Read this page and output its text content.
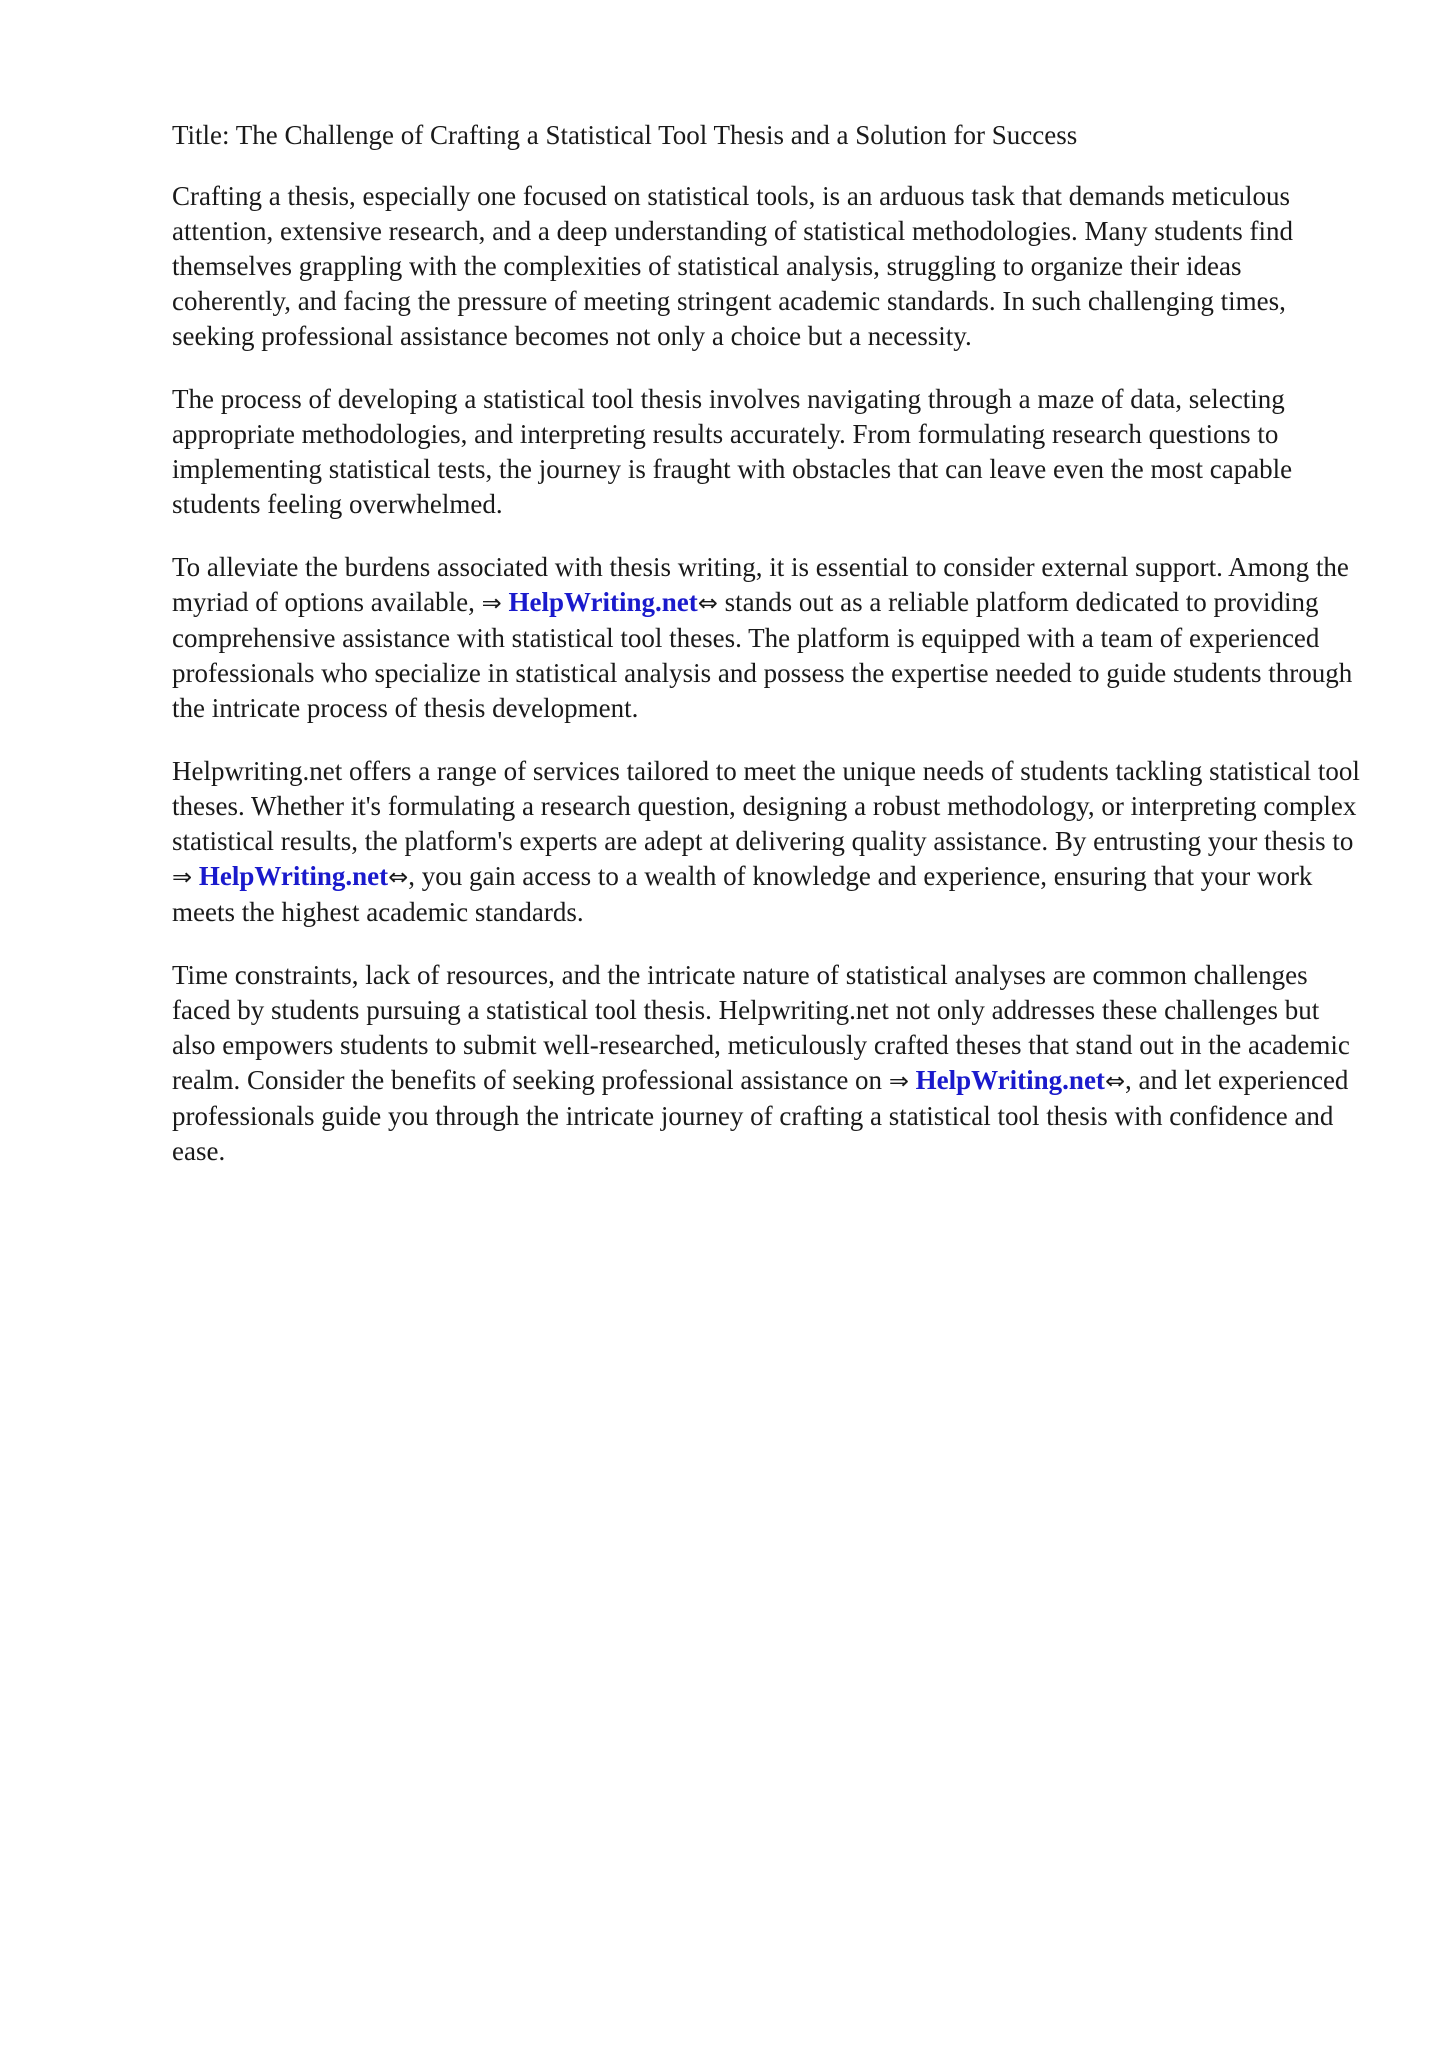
Title: The Challenge of Crafting a Statistical Tool Thesis and a Solution for Success

Crafting a thesis, especially one focused on statistical tools, is an arduous task that demands meticulous attention, extensive research, and a deep understanding of statistical methodologies. Many students find themselves grappling with the complexities of statistical analysis, struggling to organize their ideas coherently, and facing the pressure of meeting stringent academic standards. In such challenging times, seeking professional assistance becomes not only a choice but a necessity.

The process of developing a statistical tool thesis involves navigating through a maze of data, selecting appropriate methodologies, and interpreting results accurately. From formulating research questions to implementing statistical tests, the journey is fraught with obstacles that can leave even the most capable students feeling overwhelmed.

To alleviate the burdens associated with thesis writing, it is essential to consider external support. Among the myriad of options available, ⇒ HelpWriting.net⇔ stands out as a reliable platform dedicated to providing comprehensive assistance with statistical tool theses. The platform is equipped with a team of experienced professionals who specialize in statistical analysis and possess the expertise needed to guide students through the intricate process of thesis development.

Helpwriting.net offers a range of services tailored to meet the unique needs of students tackling statistical tool theses. Whether it's formulating a research question, designing a robust methodology, or interpreting complex statistical results, the platform's experts are adept at delivering quality assistance. By entrusting your thesis to ⇒ HelpWriting.net⇔, you gain access to a wealth of knowledge and experience, ensuring that your work meets the highest academic standards.

Time constraints, lack of resources, and the intricate nature of statistical analyses are common challenges faced by students pursuing a statistical tool thesis. Helpwriting.net not only addresses these challenges but also empowers students to submit well-researched, meticulously crafted theses that stand out in the academic realm. Consider the benefits of seeking professional assistance on ⇒ HelpWriting.net⇔, and let experienced professionals guide you through the intricate journey of crafting a statistical tool thesis with confidence and ease.
